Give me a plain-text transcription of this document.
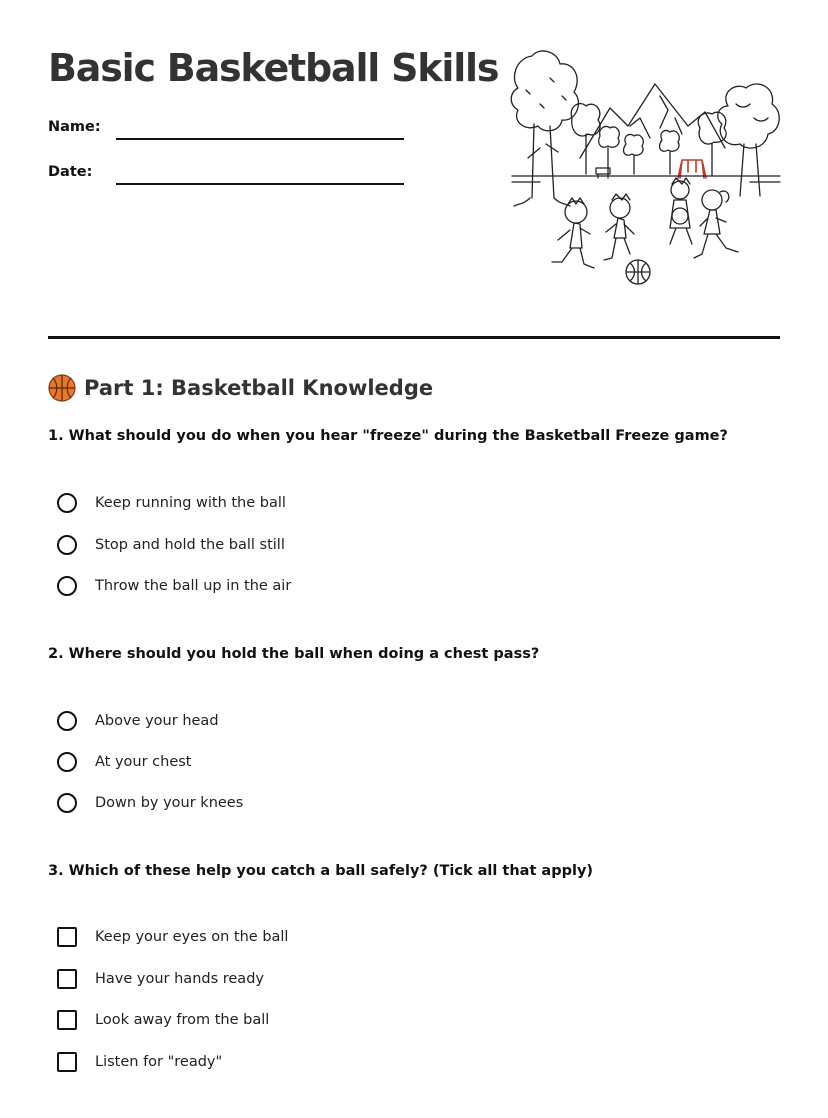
Basic Basketball Skills
Name:
Date:
Part 1: Basketball Knowledge

1. What should you do when you hear "freeze" during the Basketball Freeze game?

Keep running with the ball
Stop and hold the ball still
Throw the ball up in the air

2. Where should you hold the ball when doing a chest pass?

Above your head
At your chest
Down by your knees

3. Which of these help you catch a ball safely? (Tick all that apply)

Keep your eyes on the ball
Have your hands ready
Look away from the ball
Listen for "ready"
